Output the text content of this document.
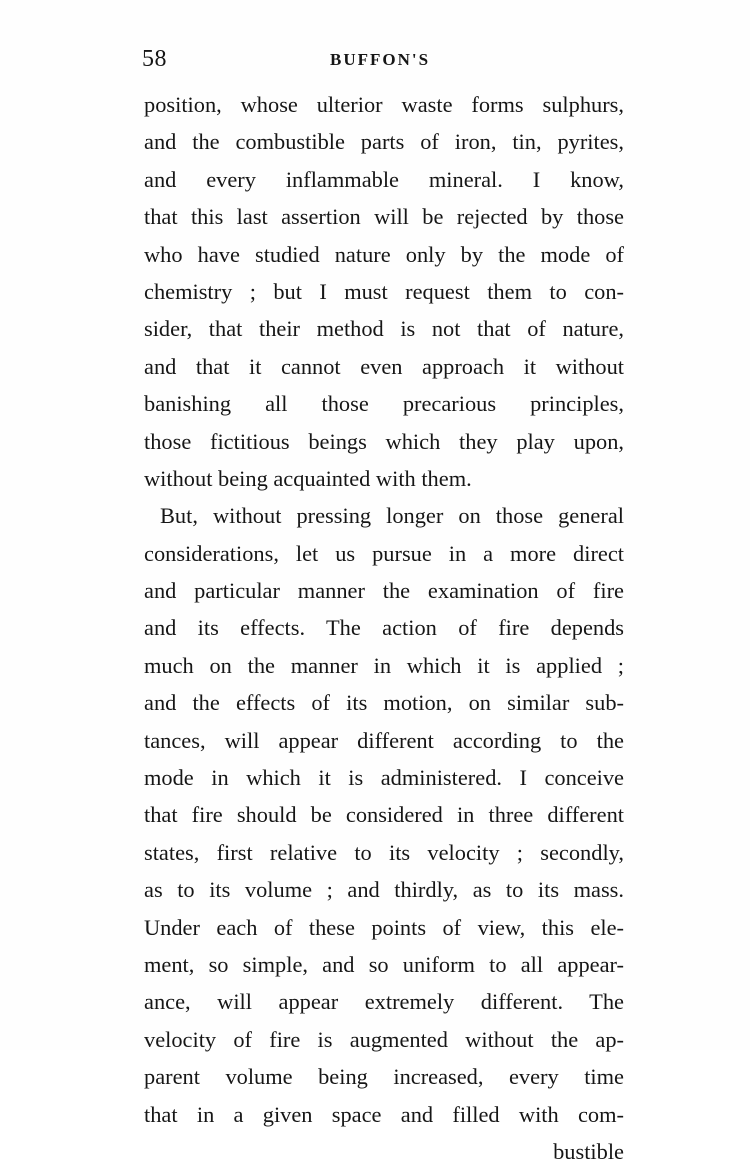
58	BUFFON'S
position, whose ulterior waste forms sulphurs,
and the combustible parts of iron, tin, pyrites,
and every inflammable mineral. I know,
that this last assertion will be rejected by those
who have studied nature only by the mode of
chemistry ; but I must request them to con-
sider, that their method is not that of nature,
and that it cannot even approach it without
banishing all those precarious principles,
those fictitious beings which they play upon,
without being acquainted with them.
But, without pressing longer on those general
considerations, let us pursue in a more direct
and particular manner the examination of fire
and its effects. The action of fire depends
much on the manner in which it is applied ;
and the effects of its motion, on similar sub-
tances, will appear different according to the
mode in which it is administered. I conceive
that fire should be considered in three different
states, first relative to its velocity ; secondly,
as to its volume ; and thirdly, as to its mass.
Under each of these points of view, this ele-
ment, so simple, and so uniform to all appear-
ance, will appear extremely different. The
velocity of fire is augmented without the ap-
parent volume being increased, every time
that in a given space and filled with com-
bustible
